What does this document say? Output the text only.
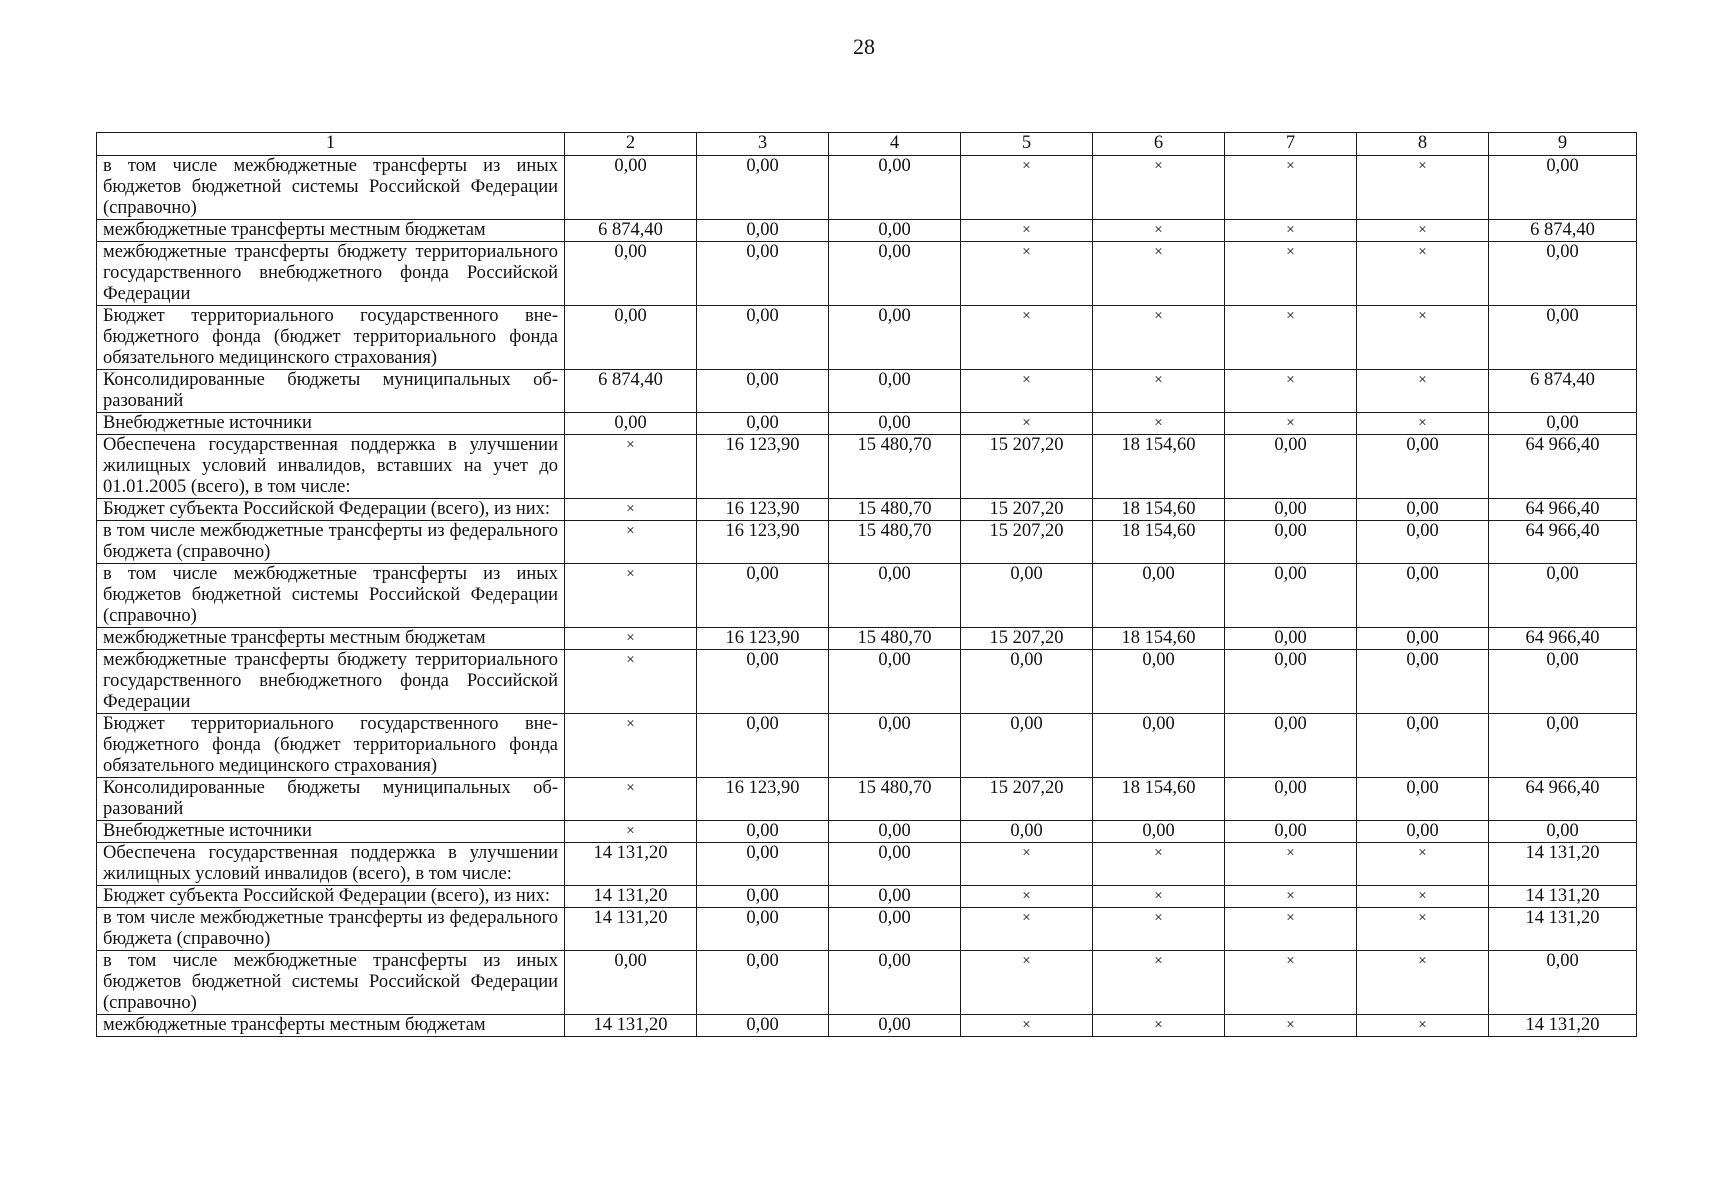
28
1	2	3	4	5	6	7	8	9
в том числе межбюджетные трансферты из иных бюджетов бюджетной системы Российской Федерации (справочно)	0,00	0,00	0,00	×	×	×	×	0,00
межбюджетные трансферты местным бюджетам	6 874,40	0,00	0,00	×	×	×	×	6 874,40
межбюджетные трансферты бюджету территориального государственного внебюджетного фонда Российской Федерации	0,00	0,00	0,00	×	×	×	×	0,00
Бюджет территориального государственного внебюджетного фонда (бюджет территориального фонда обязательного медицинского страхования)	0,00	0,00	0,00	×	×	×	×	0,00
Консолидированные бюджеты муниципальных образований	6 874,40	0,00	0,00	×	×	×	×	6 874,40
Внебюджетные источники	0,00	0,00	0,00	×	×	×	×	0,00
Обеспечена государственная поддержка в улучшении жилищных условий инвалидов, вставших на учет до 01.01.2005 (всего), в том числе:	×	16 123,90	15 480,70	15 207,20	18 154,60	0,00	0,00	64 966,40
Бюджет субъекта Российской Федерации (всего), из них:	×	16 123,90	15 480,70	15 207,20	18 154,60	0,00	0,00	64 966,40
в том числе межбюджетные трансферты из федерального бюджета (справочно)	×	16 123,90	15 480,70	15 207,20	18 154,60	0,00	0,00	64 966,40
в том числе межбюджетные трансферты из иных бюджетов бюджетной системы Российской Федерации (справочно)	×	0,00	0,00	0,00	0,00	0,00	0,00	0,00
межбюджетные трансферты местным бюджетам	×	16 123,90	15 480,70	15 207,20	18 154,60	0,00	0,00	64 966,40
межбюджетные трансферты бюджету территориального государственного внебюджетного фонда Российской Федерации	×	0,00	0,00	0,00	0,00	0,00	0,00	0,00
Бюджет территориального государственного внебюджетного фонда (бюджет территориального фонда обязательного медицинского страхования)	×	0,00	0,00	0,00	0,00	0,00	0,00	0,00
Консолидированные бюджеты муниципальных образований	×	16 123,90	15 480,70	15 207,20	18 154,60	0,00	0,00	64 966,40
Внебюджетные источники	×	0,00	0,00	0,00	0,00	0,00	0,00	0,00
Обеспечена государственная поддержка в улучшении жилищных условий инвалидов (всего), в том числе:	14 131,20	0,00	0,00	×	×	×	×	14 131,20
Бюджет субъекта Российской Федерации (всего), из них:	14 131,20	0,00	0,00	×	×	×	×	14 131,20
в том числе межбюджетные трансферты из федерального бюджета (справочно)	14 131,20	0,00	0,00	×	×	×	×	14 131,20
в том числе межбюджетные трансферты из иных бюджетов бюджетной системы Российской Федерации (справочно)	0,00	0,00	0,00	×	×	×	×	0,00
межбюджетные трансферты местным бюджетам	14 131,20	0,00	0,00	×	×	×	×	14 131,20
